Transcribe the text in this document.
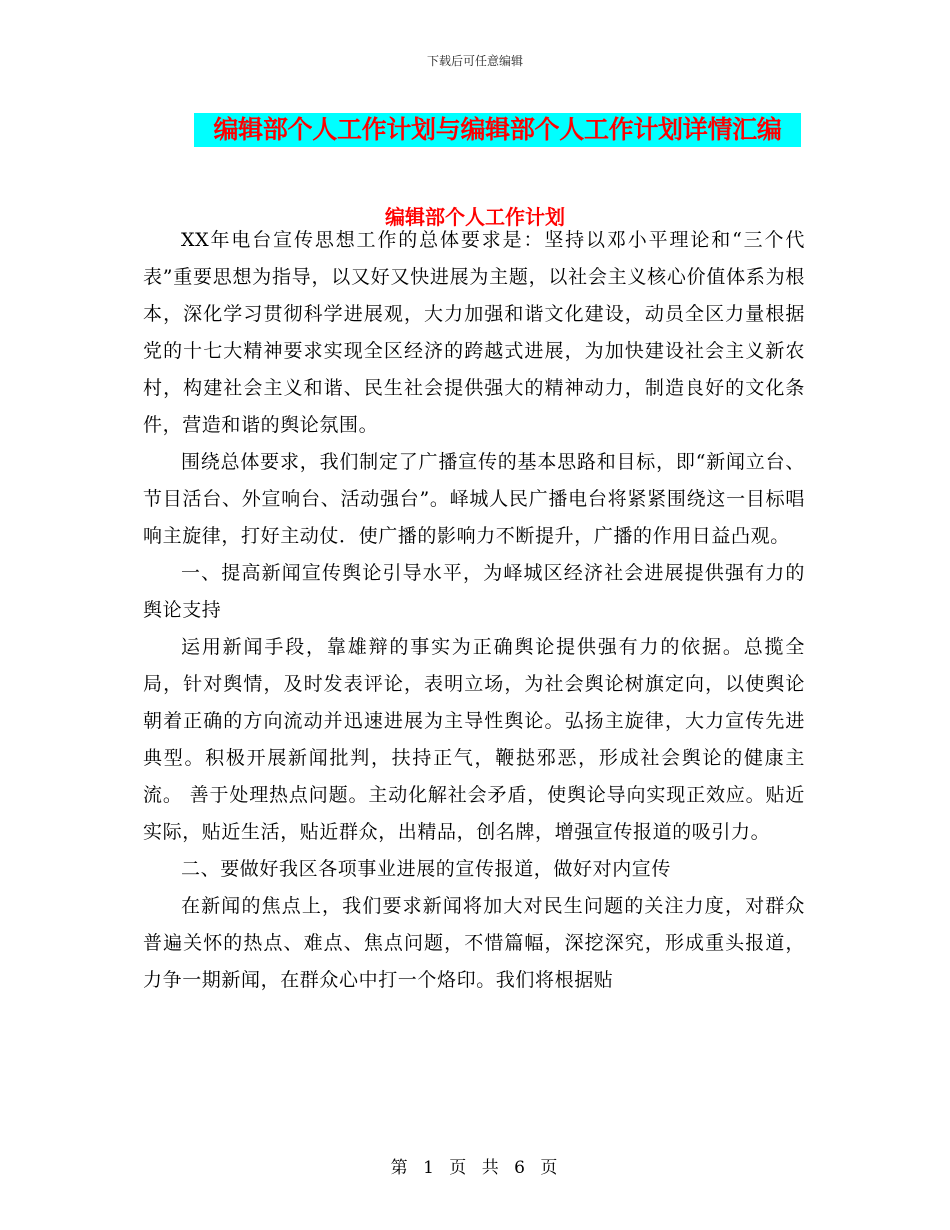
下载后可任意编辑
编辑部个人工作计划与编辑部个人工作计划详情汇编
编辑部个人工作计划

XX年电台宣传思想工作的总体要求是：坚持以邓小平理论和“三个代表”重要思想为指导，以又好又快进展为主题，以社会主义核心价值体系为根本，深化学习贯彻科学进展观，大力加强和谐文化建设，动员全区力量根据党的十七大精神要求实现全区经济的跨越式进展，为加快建设社会主义新农村，构建社会主义和谐、民生社会提供强大的精神动力，制造良好的文化条件，营造和谐的舆论氛围。

围绕总体要求，我们制定了广播宣传的基本思路和目标，即“新闻立台、节目活台、外宣响台、活动强台”。峄城人民广播电台将紧紧围绕这一目标唱响主旋律，打好主动仗．使广播的影响力不断提升，广播的作用日益凸观。

一、提高新闻宣传舆论引导水平，为峄城区经济社会进展提供强有力的舆论支持

运用新闻手段，靠雄辩的事实为正确舆论提供强有力的依据。总揽全局，针对舆情，及时发表评论，表明立场，为社会舆论树旗定向，以使舆论朝着正确的方向流动并迅速进展为主导性舆论。弘扬主旋律，大力宣传先进典型。积极开展新闻批判，扶持正气，鞭挞邪恶，形成社会舆论的健康主流。 善于处理热点问题。主动化解社会矛盾，使舆论导向实现正效应。贴近实际，贴近生活，贴近群众，出精品，创名牌，增强宣传报道的吸引力。

二、要做好我区各项事业进展的宣传报道，做好对内宣传

在新闻的焦点上，我们要求新闻将加大对民生问题的关注力度，对群众普遍关怀的热点、难点、焦点问题，不惜篇幅，深挖深究，形成重头报道，力争一期新闻，在群众心中打一个烙印。我们将根据贴

第 1 页 共 6 页
